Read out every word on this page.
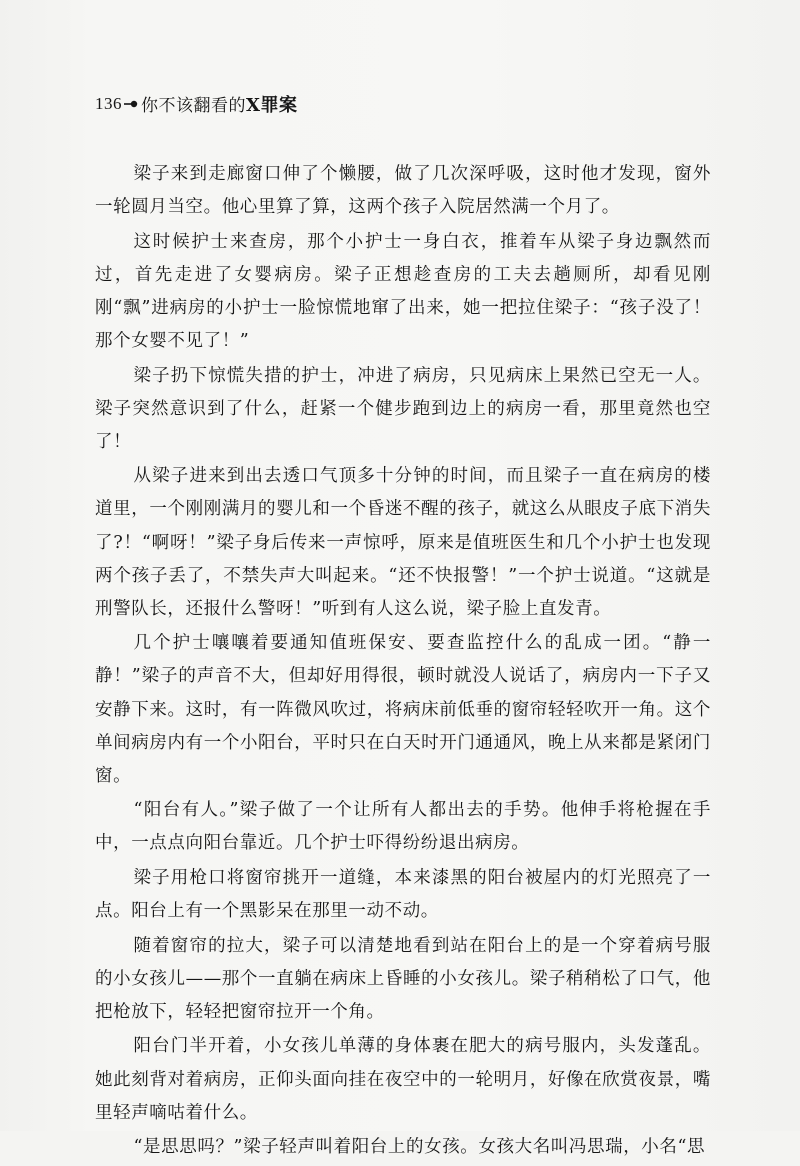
136 你不该翻看的X罪案

梁子来到走廊窗口伸了个懒腰，做了几次深呼吸，这时他才发现，窗外一轮圆月当空。他心里算了算，这两个孩子入院居然满一个月了。

这时候护士来查房，那个小护士一身白衣，推着车从梁子身边飘然而过，首先走进了女婴病房。梁子正想趁查房的工夫去趟厕所，却看见刚刚“飘”进病房的小护士一脸惊慌地窜了出来，她一把拉住梁子：“孩子没了！那个女婴不见了！”

梁子扔下惊慌失措的护士，冲进了病房，只见病床上果然已空无一人。梁子突然意识到了什么，赶紧一个健步跑到边上的病房一看，那里竟然也空了！

从梁子进来到出去透口气顶多十分钟的时间，而且梁子一直在病房的楼道里，一个刚刚满月的婴儿和一个昏迷不醒的孩子，就这么从眼皮子底下消失了?！“啊呀！”梁子身后传来一声惊呼，原来是值班医生和几个小护士也发现两个孩子丢了，不禁失声大叫起来。“还不快报警！”一个护士说道。“这就是刑警队长，还报什么警呀！”听到有人这么说，梁子脸上直发青。

几个护士嚷嚷着要通知值班保安、要查监控什么的乱成一团。“静一静！”梁子的声音不大，但却好用得很，顿时就没人说话了，病房内一下子又安静下来。这时，有一阵微风吹过，将病床前低垂的窗帘轻轻吹开一角。这个单间病房内有一个小阳台，平时只在白天时开门通通风，晚上从来都是紧闭门窗。

“阳台有人。”梁子做了一个让所有人都出去的手势。他伸手将枪握在手中，一点点向阳台靠近。几个护士吓得纷纷退出病房。

梁子用枪口将窗帘挑开一道缝，本来漆黑的阳台被屋内的灯光照亮了一点。阳台上有一个黑影呆在那里一动不动。

随着窗帘的拉大，梁子可以清楚地看到站在阳台上的是一个穿着病号服的小女孩儿——那个一直躺在病床上昏睡的小女孩儿。梁子稍稍松了口气，他把枪放下，轻轻把窗帘拉开一个角。

阳台门半开着，小女孩儿单薄的身体裹在肥大的病号服内，头发蓬乱。她此刻背对着病房，正仰头面向挂在夜空中的一轮明月，好像在欣赏夜景，嘴里轻声嘀咕着什么。

“是思思吗？”梁子轻声叫着阳台上的女孩。女孩大名叫冯思瑞，小名“思
